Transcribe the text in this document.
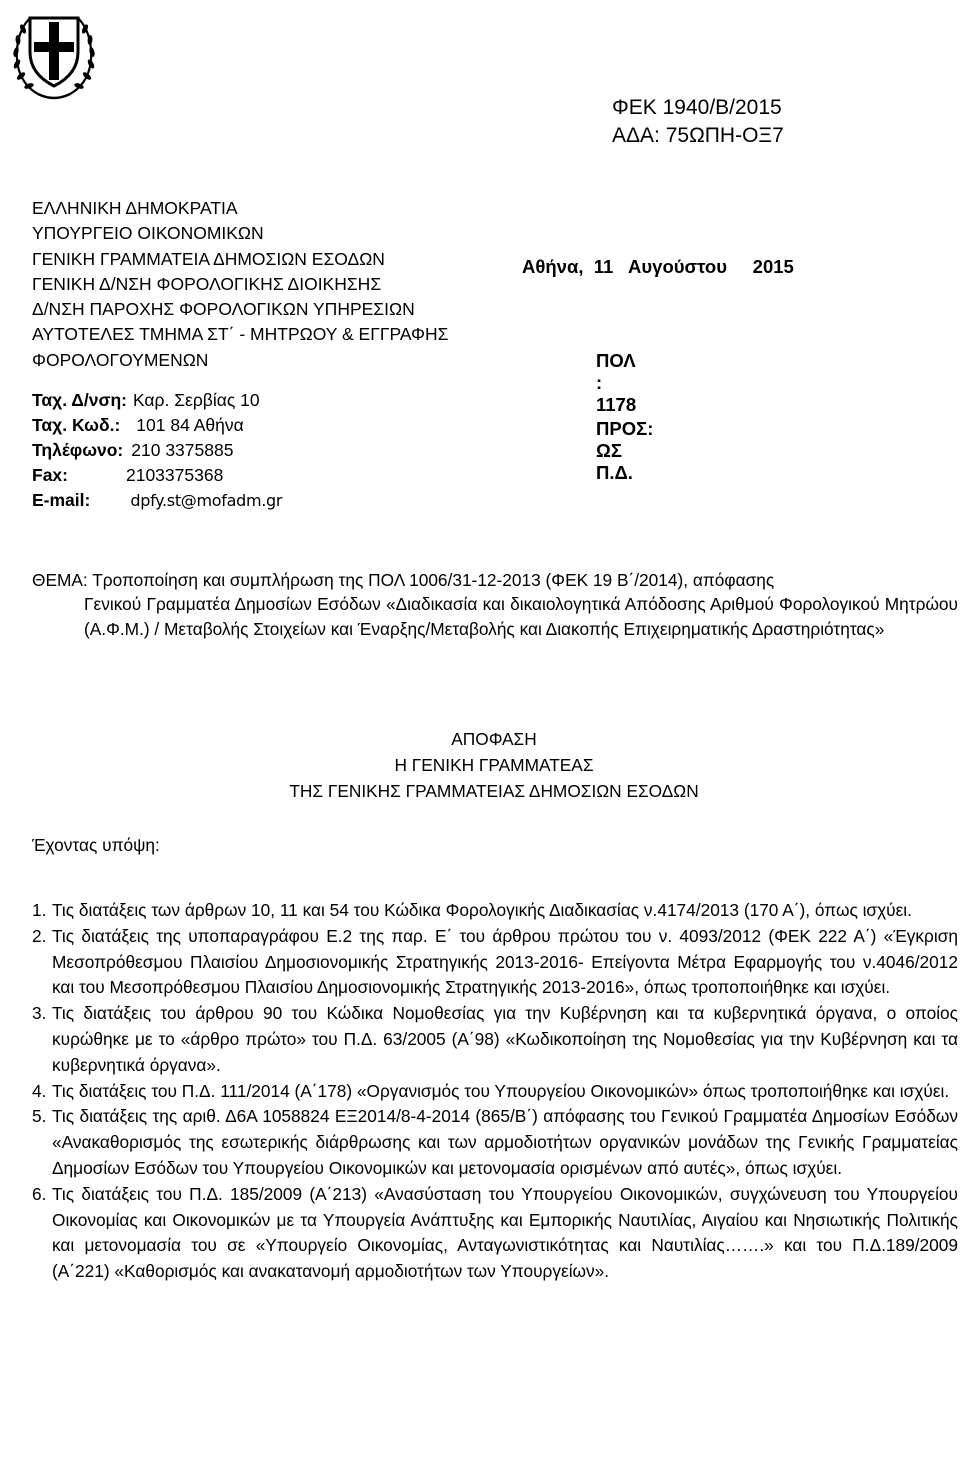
ΦΕΚ 1940/Β/2015
ΑΔΑ: 75ΩΠΗ-ΟΞ7
ΕΛΛΗΝΙΚΗ ΔΗΜΟΚΡΑΤΙΑ
ΥΠΟΥΡΓΕΙΟ ΟΙΚΟΝΟΜΙΚΩΝ
ΓΕΝΙΚΗ ΓΡΑΜΜΑΤΕΙΑ ΔΗΜΟΣΙΩΝ ΕΣΟΔΩΝ
ΓΕΝΙΚΗ Δ/ΝΣΗ ΦΟΡΟΛΟΓΙΚΗΣ ΔΙΟΙΚΗΣΗΣ
Δ/ΝΣΗ ΠΑΡΟΧΗΣ ΦΟΡΟΛΟΓΙΚΩΝ ΥΠΗΡΕΣΙΩΝ
ΑΥΤΟΤΕΛΕΣ ΤΜΗΜΑ ΣΤ΄ - ΜΗΤΡΩΟΥ & ΕΓΓΡΑΦΗΣ
ΦΟΡΟΛΟΓΟΥΜΕΝΩΝ
Ταχ. Δ/νση: Καρ. Σερβίας 10
Ταχ. Κωδ.: 101 84 Αθήνα
Τηλέφωνο: 210 3375885
Fax:	2103375368
E-mail:	dpfy.st@mofadm.gr
Αθήνα,  11   Αυγούστου     2015
ΠΟΛ : 1178
ΠΡΟΣ: ΩΣ Π.Δ.
ΘΕΜΑ: Τροποποίηση και συμπλήρωση της ΠΟΛ 1006/31-12-2013 (ΦΕΚ 19 Β΄/2014), απόφασης
Γενικού Γραμματέα Δημοσίων Εσόδων «Διαδικασία και δικαιολογητικά Απόδοσης Αριθμού Φορολογικού Μητρώου (Α.Φ.Μ.) / Μεταβολής Στοιχείων και Έναρξης/Μεταβολής και Διακοπής Επιχειρηματικής Δραστηριότητας»
ΑΠΟΦΑΣΗ
Η ΓΕΝΙΚΗ ΓΡΑΜΜΑΤΕΑΣ
ΤΗΣ ΓΕΝΙΚΗΣ ΓΡΑΜΜΑΤΕΙΑΣ ΔΗΜΟΣΙΩΝ ΕΣΟΔΩΝ
Έχοντας υπόψη:
1. Τις διατάξεις των άρθρων 10, 11 και 54 του Κώδικα Φορολογικής Διαδικασίας ν.4174/2013 (170 Α΄), όπως ισχύει.
2. Τις διατάξεις της υποπαραγράφου Ε.2 της παρ. Ε΄ του άρθρου πρώτου του ν. 4093/2012 (ΦΕΚ 222 Α΄) «Έγκριση Μεσοπρόθεσμου Πλαισίου Δημοσιονομικής Στρατηγικής 2013-2016- Επείγοντα Μέτρα Εφαρμογής του ν.4046/2012 και του Μεσοπρόθεσμου Πλαισίου Δημοσιονομικής Στρατηγικής 2013-2016», όπως τροποποιήθηκε και ισχύει.
3. Τις διατάξεις του άρθρου 90 του Κώδικα Νομοθεσίας για την Κυβέρνηση και τα κυβερνητικά όργανα, ο οποίος κυρώθηκε με το «άρθρο πρώτο» του Π.Δ. 63/2005 (Α΄98) «Κωδικοποίηση της Νομοθεσίας για την Κυβέρνηση και τα κυβερνητικά όργανα».
4. Τις διατάξεις του Π.Δ. 111/2014 (Α΄178) «Οργανισμός του Υπουργείου Οικονομικών» όπως τροποποιήθηκε και ισχύει.
5. Τις διατάξεις της αριθ. Δ6Α 1058824 ΕΞ2014/8-4-2014 (865/Β΄) απόφασης του Γενικού Γραμματέα Δημοσίων Εσόδων «Ανακαθορισμός της εσωτερικής διάρθρωσης και των αρμοδιοτήτων οργανικών μονάδων της Γενικής Γραμματείας Δημοσίων Εσόδων του Υπουργείου Οικονομικών και μετονομασία ορισμένων από αυτές», όπως ισχύει.
6. Τις διατάξεις του Π.Δ. 185/2009 (Α΄213) «Ανασύσταση του Υπουργείου Οικονομικών, συγχώνευση του Υπουργείου Οικονομίας και Οικονομικών με τα Υπουργεία Ανάπτυξης και Εμπορικής Ναυτιλίας, Αιγαίου και Νησιωτικής Πολιτικής και μετονομασία του σε «Υπουργείο Οικονομίας, Ανταγωνιστικότητας και Ναυτιλίας…….» και του Π.Δ.189/2009 (Α΄221) «Καθορισμός και ανακατανομή αρμοδιοτήτων των Υπουργείων».
